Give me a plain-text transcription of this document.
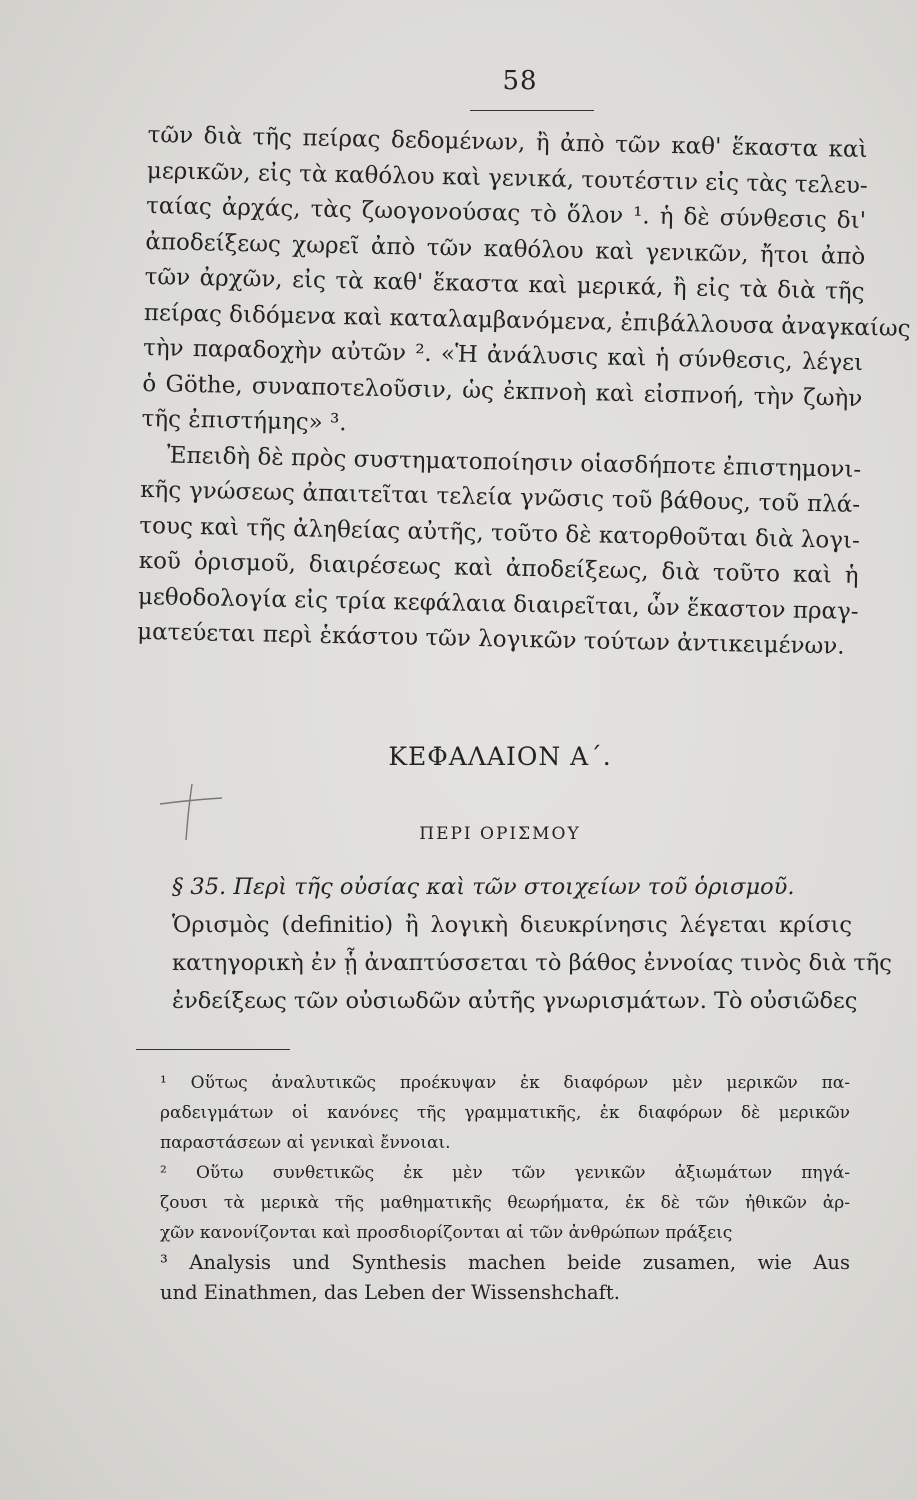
58
τῶν διὰ τῆς πείρας δεδομένων, ἢ ἀπὸ τῶν καθ' ἕκαστα καὶ
μερικῶν, εἰς τὰ καθόλου καὶ γενικά, τουτέστιν εἰς τὰς τελευ-
ταίας ἀρχάς, τὰς ζωογονούσας τὸ ὅλον ¹. ἡ δὲ σύνθεσις δι'
ἀποδείξεως χωρεῖ ἀπὸ τῶν καθόλου καὶ γενικῶν, ἤτοι ἀπὸ
τῶν ἀρχῶν, εἰς τὰ καθ' ἕκαστα καὶ μερικά, ἢ εἰς τὰ διὰ τῆς
πείρας διδόμενα καὶ καταλαμβανόμενα, ἐπιβάλλουσα ἀναγκαίως
τὴν παραδοχὴν αὐτῶν ². «Ἡ ἀνάλυσις καὶ ἡ σύνθεσις, λέγει
ὁ Göthe, συναποτελοῦσιν, ὡς ἐκπνοὴ καὶ εἰσπνοή, τὴν ζωὴν
τῆς ἐπιστήμης» ³.
Ἐπειδὴ δὲ πρὸς συστηματοποίησιν οἱασδήποτε ἐπιστημονι-
κῆς γνώσεως ἀπαιτεῖται τελεία γνῶσις τοῦ βάθους, τοῦ πλά-
τους καὶ τῆς ἀληθείας αὐτῆς, τοῦτο δὲ κατορθοῦται διὰ λογι-
κοῦ ὁρισμοῦ, διαιρέσεως καὶ ἀποδείξεως, διὰ τοῦτο καὶ ἡ
μεθοδολογία εἰς τρία κεφάλαια διαιρεῖται, ὧν ἕκαστον πραγ-
ματεύεται περὶ ἑκάστου τῶν λογικῶν τούτων ἀντικειμένων.
ΚΕΦΑΛΑΙΟΝ Α΄.
ΠΕΡΙ ΟΡΙΣΜΟΥ
§ 35. Περὶ τῆς οὐσίας καὶ τῶν στοιχείων τοῦ ὁρισμοῦ.
Ὁρισμὸς (definitio) ἢ λογικὴ διευκρίνησις λέγεται κρίσις
κατηγορικὴ ἐν ᾗ ἀναπτύσσεται τὸ βάθος ἐννοίας τινὸς διὰ τῆς
ἐνδείξεως τῶν οὐσιωδῶν αὐτῆς γνωρισμάτων. Τὸ οὐσιῶδες
¹ Οὕτως ἀναλυτικῶς προέκυψαν ἐκ διαφόρων μὲν μερικῶν πα-
ραδειγμάτων οἱ κανόνες τῆς γραμματικῆς, ἐκ διαφόρων δὲ μερικῶν
παραστάσεων αἱ γενικαὶ ἔννοιαι.
² Οὕτω συνθετικῶς ἐκ μὲν τῶν γενικῶν ἀξιωμάτων πηγά-
ζουσι τὰ μερικὰ τῆς μαθηματικῆς θεωρήματα, ἐκ δὲ τῶν ἠθικῶν ἀρ-
χῶν κανονίζονται καὶ προσδιορίζονται αἱ τῶν ἀνθρώπων πράξεις
³ Analysis und Synthesis machen beide zusamen, wie Aus
und Einathmen, das Leben der Wissenshchaft.
